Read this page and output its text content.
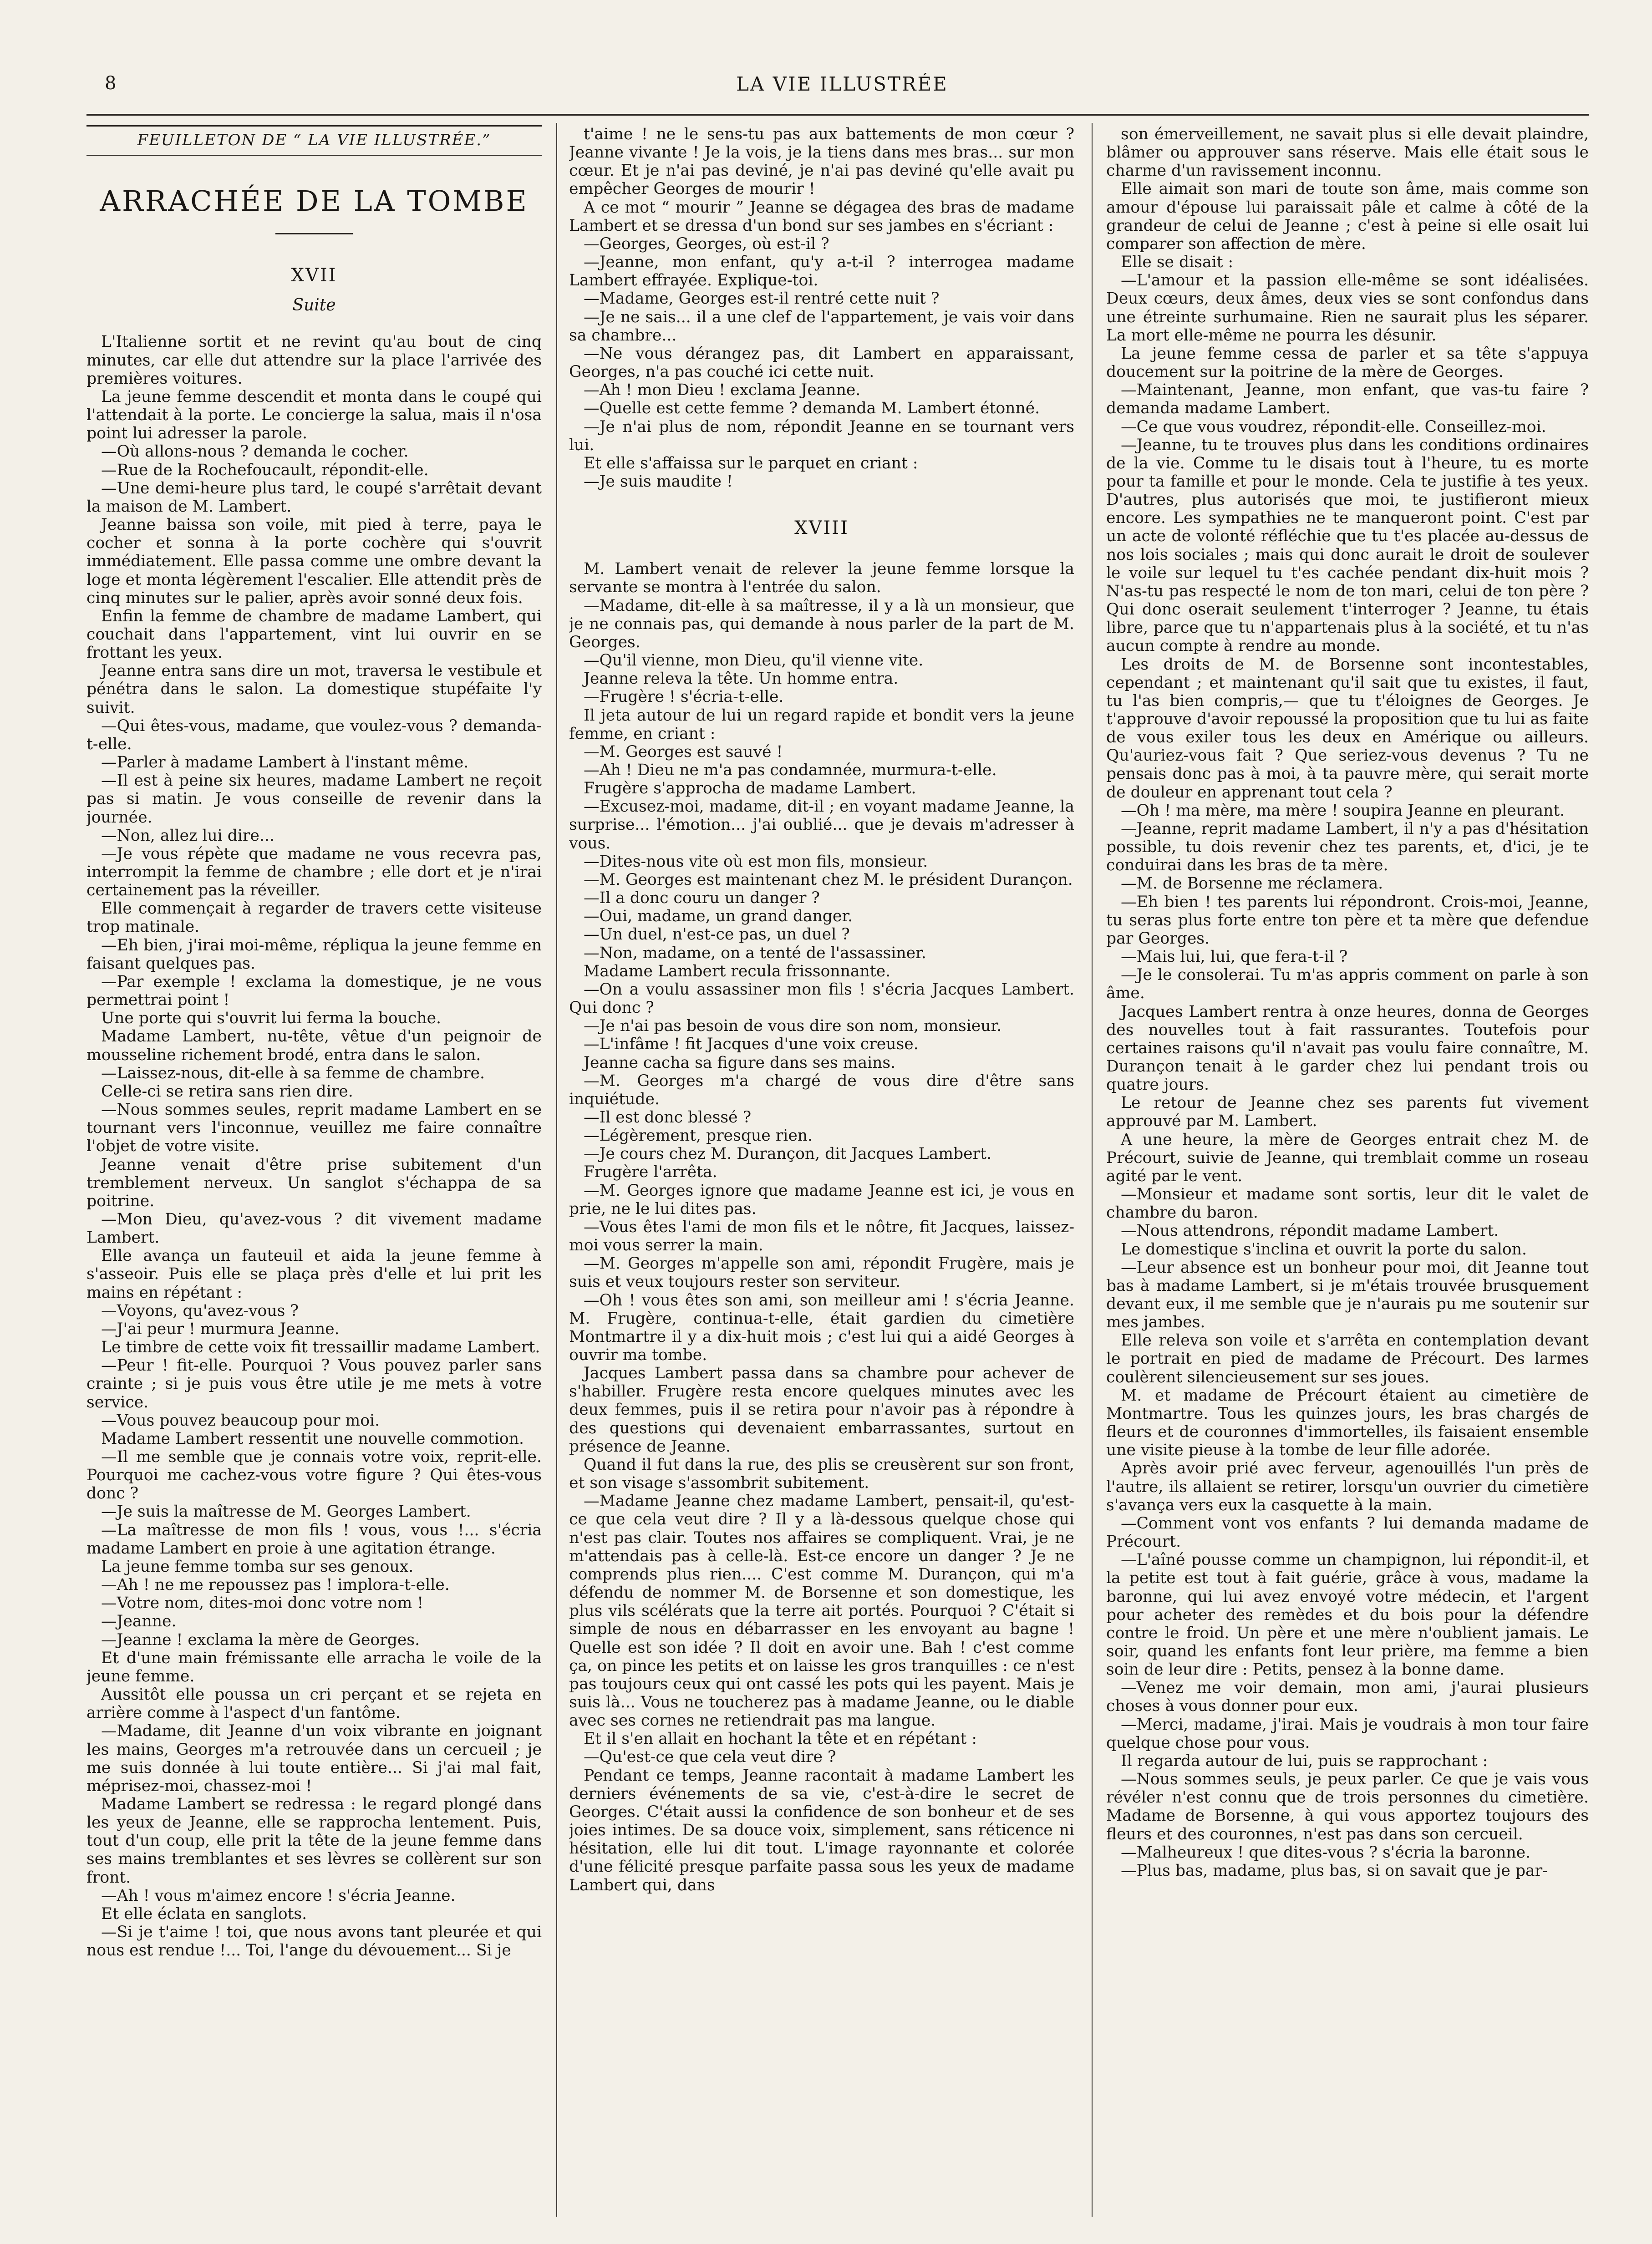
8	LA VIE ILLUSTRÉE
FEUILLETON DE “ LA VIE ILLUSTRÉE.”
ARRACHÉE DE LA TOMBE
XVII
Suite

L'Italienne sortit et ne revint qu'au bout de cinq minutes, car elle dut attendre sur la place l'arrivée des premières voitures.

La jeune femme descendit et monta dans le coupé qui l'attendait à la porte. Le concierge la salua, mais il n'osa point lui adresser la parole.

—Où allons-nous ? demanda le cocher.

—Rue de la Rochefoucault, répondit-elle.

—Une demi-heure plus tard, le coupé s'arrêtait devant la maison de M. Lambert.

Jeanne baissa son voile, mit pied à terre, paya le cocher et sonna à la porte cochère qui s'ouvrit immédiatement. Elle passa comme une ombre devant la loge et monta légèrement l'escalier. Elle attendit près de cinq minutes sur le palier, après avoir sonné deux fois.

Enfin la femme de chambre de madame Lambert, qui couchait dans l'appartement, vint lui ouvrir en se frottant les yeux.

Jeanne entra sans dire un mot, traversa le vestibule et pénétra dans le salon. La domestique stupéfaite l'y suivit.

—Qui êtes-vous, madame, que voulez-vous ? demanda-t-elle.

—Parler à madame Lambert à l'instant même.

—Il est à peine six heures, madame Lambert ne reçoit pas si matin. Je vous conseille de revenir dans la journée.

—Non, allez lui dire...

—Je vous répète que madame ne vous recevra pas, interrompit la femme de chambre ; elle dort et je n'irai certainement pas la réveiller.

Elle commençait à regarder de travers cette visiteuse trop matinale.

—Eh bien, j'irai moi-même, répliqua la jeune femme en faisant quelques pas.

—Par exemple ! exclama la domestique, je ne vous permettrai point !

Une porte qui s'ouvrit lui ferma la bouche.

Madame Lambert, nu-tête, vêtue d'un peignoir de mousseline richement brodé, entra dans le salon.

—Laissez-nous, dit-elle à sa femme de chambre.

Celle-ci se retira sans rien dire.

—Nous sommes seules, reprit madame Lambert en se tournant vers l'inconnue, veuillez me faire connaître l'objet de votre visite.

Jeanne venait d'être prise subitement d'un tremblement nerveux. Un sanglot s'échappa de sa poitrine.

—Mon Dieu, qu'avez-vous ? dit vivement madame Lambert.

Elle avança un fauteuil et aida la jeune femme à s'asseoir. Puis elle se plaça près d'elle et lui prit les mains en répétant :

—Voyons, qu'avez-vous ?

—J'ai peur ! murmura Jeanne.

Le timbre de cette voix fit tressaillir madame Lambert.

—Peur ! fit-elle. Pourquoi ? Vous pouvez parler sans crainte ; si je puis vous être utile je me mets à votre service.

—Vous pouvez beaucoup pour moi.

Madame Lambert ressentit une nouvelle commotion.

—Il me semble que je connais votre voix, reprit-elle. Pourquoi me cachez-vous votre figure ? Qui êtes-vous donc ?

—Je suis la maîtresse de M. Georges Lambert.

—La maîtresse de mon fils ! vous, vous !... s'écria madame Lambert en proie à une agitation étrange.

La jeune femme tomba sur ses genoux.

—Ah ! ne me repoussez pas ! implora-t-elle.

—Votre nom, dites-moi donc votre nom !

—Jeanne.

—Jeanne ! exclama la mère de Georges.

Et d'une main frémissante elle arracha le voile de la jeune femme.

Aussitôt elle poussa un cri perçant et se rejeta en arrière comme à l'aspect d'un fantôme.

—Madame, dit Jeanne d'un voix vibrante en joignant les mains, Georges m'a retrouvée dans un cercueil ; je me suis donnée à lui toute entière... Si j'ai mal fait, méprisez-moi, chassez-moi !

Madame Lambert se redressa : le regard plongé dans les yeux de Jeanne, elle se rapprocha lentement. Puis, tout d'un coup, elle prit la tête de la jeune femme dans ses mains tremblantes et ses lèvres se collèrent sur son front.

—Ah ! vous m'aimez encore ! s'écria Jeanne.

Et elle éclata en sanglots.

—Si je t'aime ! toi, que nous avons tant pleurée et qui nous est rendue !... Toi, l'ange du dévouement... Si je

t'aime ! ne le sens-tu pas aux battements de mon cœur ? Jeanne vivante ! Je la vois, je la tiens dans mes bras... sur mon cœur. Et je n'ai pas deviné, je n'ai pas deviné qu'elle avait pu empêcher Georges de mourir !

A ce mot “ mourir ” Jeanne se dégagea des bras de madame Lambert et se dressa d'un bond sur ses jambes en s'écriant :

—Georges, Georges, où est-il ?

—Jeanne, mon enfant, qu'y a-t-il ? interrogea madame Lambert effrayée. Explique-toi.

—Madame, Georges est-il rentré cette nuit ?

—Je ne sais... il a une clef de l'appartement, je vais voir dans sa chambre...

—Ne vous dérangez pas, dit Lambert en apparaissant, Georges, n'a pas couché ici cette nuit.

—Ah ! mon Dieu ! exclama Jeanne.

—Quelle est cette femme ? demanda M. Lambert étonné.

—Je n'ai plus de nom, répondit Jeanne en se tournant vers lui.

Et elle s'affaissa sur le parquet en criant :

—Je suis maudite !

XVIII

M. Lambert venait de relever la jeune femme lorsque la servante se montra à l'entrée du salon.

—Madame, dit-elle à sa maîtresse, il y a là un monsieur, que je ne connais pas, qui demande à nous parler de la part de M. Georges.

—Qu'il vienne, mon Dieu, qu'il vienne vite.

Jeanne releva la tête. Un homme entra.

—Frugère ! s'écria-t-elle.

Il jeta autour de lui un regard rapide et bondit vers la jeune femme, en criant :

—M. Georges est sauvé !

—Ah ! Dieu ne m'a pas condamnée, murmura-t-elle.

Frugère s'approcha de madame Lambert.

—Excusez-moi, madame, dit-il ; en voyant madame Jeanne, la surprise... l'émotion... j'ai oublié... que je devais m'adresser à vous.

—Dites-nous vite où est mon fils, monsieur.

—M. Georges est maintenant chez M. le président Durançon.

—Il a donc couru un danger ?

—Oui, madame, un grand danger.

—Un duel, n'est-ce pas, un duel ?

—Non, madame, on a tenté de l'assassiner.

Madame Lambert recula frissonnante.

—On a voulu assassiner mon fils ! s'écria Jacques Lambert. Qui donc ?

—Je n'ai pas besoin de vous dire son nom, monsieur.

—L'infâme ! fit Jacques d'une voix creuse.

Jeanne cacha sa figure dans ses mains.

—M. Georges m'a chargé de vous dire d'être sans inquiétude.

—Il est donc blessé ?

—Légèrement, presque rien.

—Je cours chez M. Durançon, dit Jacques Lambert.

Frugère l'arrêta.

—M. Georges ignore que madame Jeanne est ici, je vous en prie, ne le lui dites pas.

—Vous êtes l'ami de mon fils et le nôtre, fit Jacques, laissez-moi vous serrer la main.

—M. Georges m'appelle son ami, répondit Frugère, mais je suis et veux toujours rester son serviteur.

—Oh ! vous êtes son ami, son meilleur ami ! s'écria Jeanne. M. Frugère, continua-t-elle, était gardien du cimetière Montmartre il y a dix-huit mois ; c'est lui qui a aidé Georges à ouvrir ma tombe.

Jacques Lambert passa dans sa chambre pour achever de s'habiller. Frugère resta encore quelques minutes avec les deux femmes, puis il se retira pour n'avoir pas à répondre à des questions qui devenaient embarrassantes, surtout en présence de Jeanne.

Quand il fut dans la rue, des plis se creusèrent sur son front, et son visage s'assombrit subitement.

—Madame Jeanne chez madame Lambert, pensait-il, qu'est-ce que cela veut dire ? Il y a là-dessous quelque chose qui n'est pas clair. Toutes nos affaires se compliquent. Vrai, je ne m'attendais pas à celle-là. Est-ce encore un danger ? Je ne comprends plus rien.... C'est comme M. Durançon, qui m'a défendu de nommer M. de Borsenne et son domestique, les plus vils scélérats que la terre ait portés. Pourquoi ? C'était si simple de nous en débarrasser en les envoyant au bagne ! Quelle est son idée ? Il doit en avoir une. Bah ! c'est comme ça, on pince les petits et on laisse les gros tranquilles : ce n'est pas toujours ceux qui ont cassé les pots qui les payent. Mais je suis là... Vous ne toucherez pas à madame Jeanne, ou le diable avec ses cornes ne retiendrait pas ma langue.

Et il s'en allait en hochant la tête et en répétant :

—Qu'est-ce que cela veut dire ?

Pendant ce temps, Jeanne racontait à madame Lambert les derniers événements de sa vie, c'est-à-dire le secret de Georges. C'était aussi la confidence de son bonheur et de ses joies intimes. De sa douce voix, simplement, sans réticence ni hésitation, elle lui dit tout. L'image rayonnante et colorée d'une félicité presque parfaite passa sous les yeux de madame Lambert qui, dans

son émerveillement, ne savait plus si elle devait plaindre, blâmer ou approuver sans réserve. Mais elle était sous le charme d'un ravissement inconnu.

Elle aimait son mari de toute son âme, mais comme son amour d'épouse lui paraissait pâle et calme à côté de la grandeur de celui de Jeanne ; c'est à peine si elle osait lui comparer son affection de mère.

Elle se disait :

—L'amour et la passion elle-même se sont idéalisées. Deux cœurs, deux âmes, deux vies se sont confondus dans une étreinte surhumaine. Rien ne saurait plus les séparer. La mort elle-même ne pourra les désunir.

La jeune femme cessa de parler et sa tête s'appuya doucement sur la poitrine de la mère de Georges.

—Maintenant, Jeanne, mon enfant, que vas-tu faire ? demanda madame Lambert.

—Ce que vous voudrez, répondit-elle. Conseillez-moi.

—Jeanne, tu te trouves plus dans les conditions ordinaires de la vie. Comme tu le disais tout à l'heure, tu es morte pour ta famille et pour le monde. Cela te justifie à tes yeux. D'autres, plus autorisés que moi, te justifieront mieux encore. Les sympathies ne te manqueront point. C'est par un acte de volonté réfléchie que tu t'es placée au-dessus de nos lois sociales ; mais qui donc aurait le droit de soulever le voile sur lequel tu t'es cachée pendant dix-huit mois ? N'as-tu pas respecté le nom de ton mari, celui de ton père ? Qui donc oserait seulement t'interroger ? Jeanne, tu étais libre, parce que tu n'appartenais plus à la société, et tu n'as aucun compte à rendre au monde.

Les droits de M. de Borsenne sont incontestables, cependant ; et maintenant qu'il sait que tu existes, il faut, tu l'as bien compris,— que tu t'éloignes de Georges. Je t'approuve d'avoir repoussé la proposition que tu lui as faite de vous exiler tous les deux en Amérique ou ailleurs. Qu'auriez-vous fait ? Que seriez-vous devenus ? Tu ne pensais donc pas à moi, à ta pauvre mère, qui serait morte de douleur en apprenant tout cela ?

—Oh ! ma mère, ma mère ! soupira Jeanne en pleurant.

—Jeanne, reprit madame Lambert, il n'y a pas d'hésitation possible, tu dois revenir chez tes parents, et, d'ici, je te conduirai dans les bras de ta mère.

—M. de Borsenne me réclamera.

—Eh bien ! tes parents lui répondront. Crois-moi, Jeanne, tu seras plus forte entre ton père et ta mère que defendue par Georges.

—Mais lui, lui, que fera-t-il ?

—Je le consolerai. Tu m'as appris comment on parle à son âme.

Jacques Lambert rentra à onze heures, donna de Georges des nouvelles tout à fait rassurantes. Toutefois pour certaines raisons qu'il n'avait pas voulu faire connaître, M. Durançon tenait à le garder chez lui pendant trois ou quatre jours.

Le retour de Jeanne chez ses parents fut vivement approuvé par M. Lambert.

A une heure, la mère de Georges entrait chez M. de Précourt, suivie de Jeanne, qui tremblait comme un roseau agité par le vent.

—Monsieur et madame sont sortis, leur dit le valet de chambre du baron.

—Nous attendrons, répondit madame Lambert.

Le domestique s'inclina et ouvrit la porte du salon.

—Leur absence est un bonheur pour moi, dit Jeanne tout bas à madame Lambert, si je m'étais trouvée brusquement devant eux, il me semble que je n'aurais pu me soutenir sur mes jambes.

Elle releva son voile et s'arrêta en contemplation devant le portrait en pied de madame de Précourt. Des larmes coulèrent silencieusement sur ses joues.

M. et madame de Précourt étaient au cimetière de Montmartre. Tous les quinzes jours, les bras chargés de fleurs et de couronnes d'immortelles, ils faisaient ensemble une visite pieuse à la tombe de leur fille adorée.

Après avoir prié avec ferveur, agenouillés l'un près de l'autre, ils allaient se retirer, lorsqu'un ouvrier du cimetière s'avança vers eux la casquette à la main.

—Comment vont vos enfants ? lui demanda madame de Précourt.

—L'aîné pousse comme un champignon, lui répondit-il, et la petite est tout à fait guérie, grâce à vous, madame la baronne, qui lui avez envoyé votre médecin, et l'argent pour acheter des remèdes et du bois pour la défendre contre le froid. Un père et une mère n'oublient jamais. Le soir, quand les enfants font leur prière, ma femme a bien soin de leur dire : Petits, pensez à la bonne dame.

—Venez me voir demain, mon ami, j'aurai plusieurs choses à vous donner pour eux.

—Merci, madame, j'irai. Mais je voudrais à mon tour faire quelque chose pour vous.

Il regarda autour de lui, puis se rapprochant :

—Nous sommes seuls, je peux parler. Ce que je vais vous révéler n'est connu que de trois personnes du cimetière. Madame de Borsenne, à qui vous apportez toujours des fleurs et des couronnes, n'est pas dans son cercueil.

—Malheureux ! que dites-vous ? s'écria la baronne.

—Plus bas, madame, plus bas, si on savait que je par-
